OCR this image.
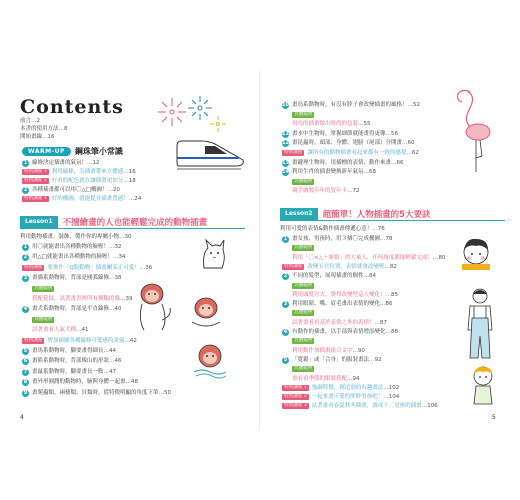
Contents
WARM-UP	鋼珠筆小常識
前言…2
本書的使用方法…8
開始畫線…16
1 線條決定插畫的氣氛！…12
特別講座 1 利用線條，為插畫帶來立體感…16
特別講座 2 好看的配色就在讓插畫更加分…18
2 各種插畫都可以用〇△□構圖！…20
特別講座 1 好的構圖，就能提升插畫質感！…24
Lesson1	不擅繪畫的人也能輕鬆完成的動物插畫
利用動物插畫，裝飾、製作你的專屬小物…30
1 用〇就能畫出各種動物的臉喔！…32
2 用△□就能畫出各種動物的臉喔！…34
特別講座 要換作「Q版動物」插畫關某正可愛！…36
3 畫貓系動物時，背部是圓弧線條…38
具體範例
搭配花紋，試著畫書裡所有種類的貓…39
4 畫犬系動物時，背部是平直線條…40
具體範例
試著畫看人氣犬種…41
特別講座 增加插圖各種線條可愛感的訣竅…42
5 畫馬系動物時，腳要畫得細長…44
6 畫熊系動物時，背部像山的形狀…46
7 畫鼠系動物時，腳要畫長一點…47
8 畫外形圓潤的動物時，臉與身體一起畫…48
9 畫爬蟲類、兩棲類、貝類時，從特徵明顯的角度下筆…50
4
10 畫鳥系動物時，有沒有脖子會改變插畫的風格！…52
具體範例
用鳥的插畫做出時尚的包裝…55
11 畫水中生物時，掌握細節就能畫得更像…56
12 畫昆蟲時，頭部、身體、翅膀（尾部）分開畫…60
特別講座 讓所有的動物插畫看起來都有一致的感覺…62
13 畫鍵理生物時，用插標的表情、動作來畫…66
14 利用生肖的插畫變換新年氣氛…68
具體範例
親手繪製年年的賀年卡…72
Lesson2	超簡單！人物插畫的5大要訣
利用可愛的表情&動作插畫傳遞心意！…76
1 畫女孩、男孩時，用３個〇完成構圖…78
具體範例
利用「〇×△＋姐姐」的大量人，任何角度都能輕鬆完成！…80
特別講座 改變五官位置，表情就會改變喔…82
2 不同的髮型，展現插畫的個性…84
具體範例
利用頭髮方式，覺得改變型這人變化！…85
3 利用眼睛、嘴、眉毛畫出表情的變化…86
具體範例
試著畫看看基於表情之外的表情！…87
4 有動作的插畫，以手部與表情增添變化…88
具體範例
利用動作加插畫組合文字…90
5 「寬鬆」或「合身」的服裝畫法…92
具體範例
畫看看季節的服裝搭配…94
特別講座 1 強調特徵，創造別的有趣畫法…102
特別講座 2 一起來畫可愛的胖胖男孩吧！…104
特別講座 3 試著畫看春夏秋冬插畫，畫成十二星座的插畫…106
5
